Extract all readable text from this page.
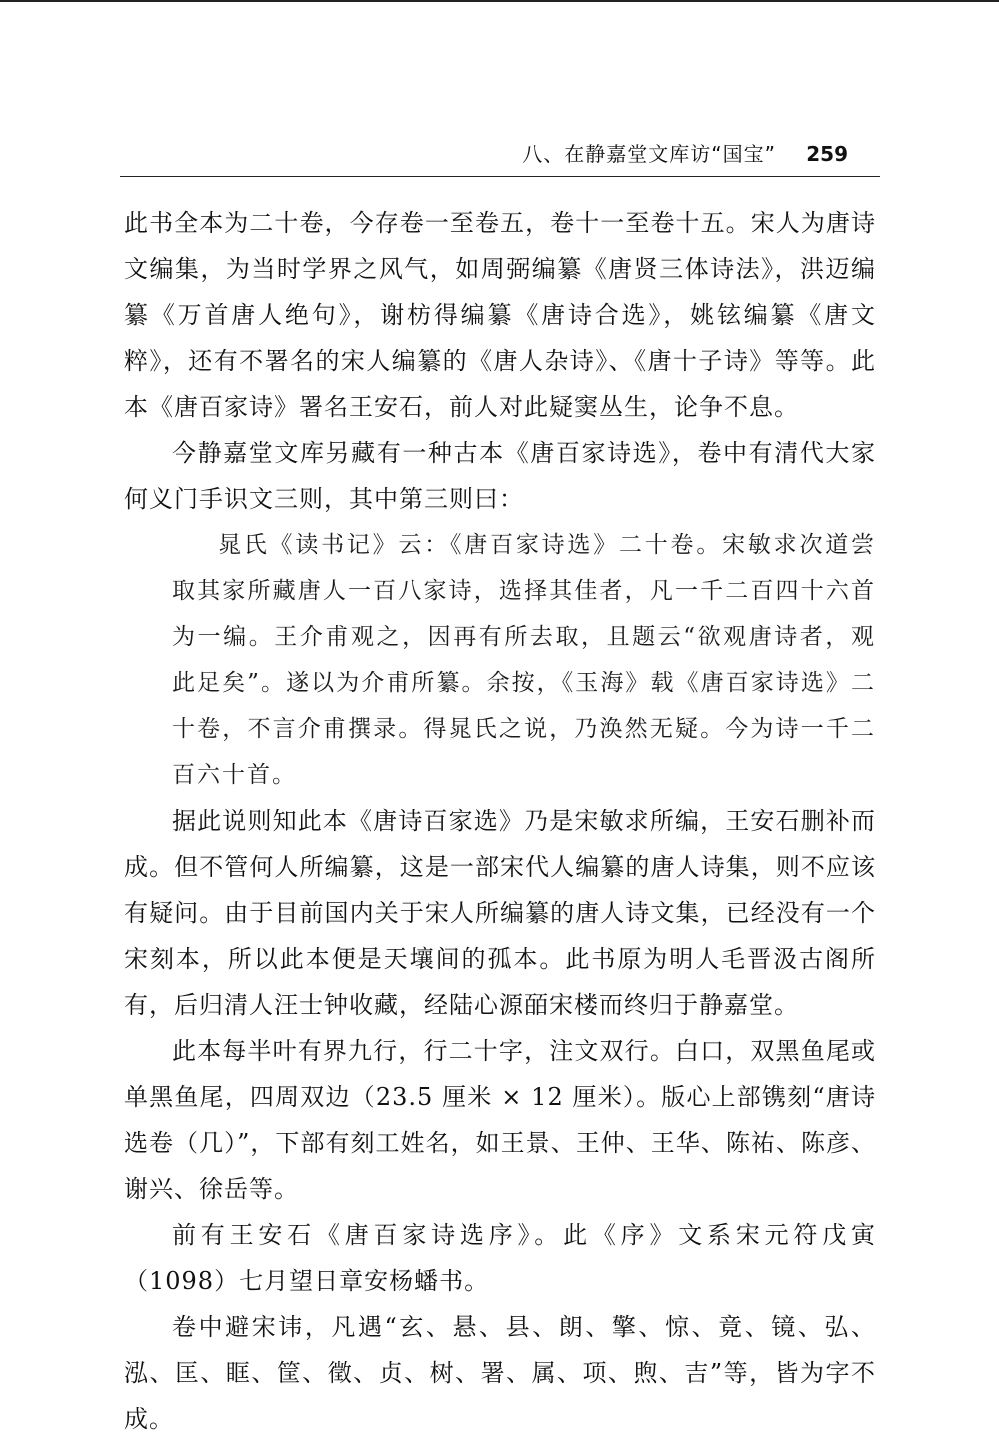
八、在静嘉堂文库访“国宝” 259

此书全本为二十卷，今存卷一至卷五，卷十一至卷十五。宋人为唐诗文编集，为当时学界之风气，如周弼编纂《唐贤三体诗法》，洪迈编纂《万首唐人绝句》，谢枋得编纂《唐诗合选》，姚铉编纂《唐文粹》，还有不署名的宋人编纂的《唐人杂诗》、《唐十子诗》等等。此本《唐百家诗》署名王安石，前人对此疑窦丛生，论争不息。

今静嘉堂文库另藏有一种古本《唐百家诗选》，卷中有清代大家何义门手识文三则，其中第三则曰：

晁氏《读书记》云：《唐百家诗选》二十卷。宋敏求次道尝取其家所藏唐人一百八家诗，选择其佳者，凡一千二百四十六首为一编。王介甫观之，因再有所去取，且题云“欲观唐诗者，观此足矣”。遂以为介甫所纂。余按，《玉海》载《唐百家诗选》二十卷，不言介甫撰录。得晁氏之说，乃涣然无疑。今为诗一千二百六十首。

据此说则知此本《唐诗百家选》乃是宋敏求所编，王安石删补而成。但不管何人所编纂，这是一部宋代人编纂的唐人诗集，则不应该有疑问。由于目前国内关于宋人所编纂的唐人诗文集，已经没有一个宋刻本，所以此本便是天壤间的孤本。此书原为明人毛晋汲古阁所有，后归清人汪士钟收藏，经陆心源皕宋楼而终归于静嘉堂。

此本每半叶有界九行，行二十字，注文双行。白口，双黑鱼尾或单黑鱼尾，四周双边（23.5 厘米 × 12 厘米）。版心上部镌刻“唐诗选卷（几）”，下部有刻工姓名，如王景、王仲、王华、陈祐、陈彦、谢兴、徐岳等。

前有王安石《唐百家诗选序》。此《序》文系宋元符戊寅（1098）七月望日章安杨蟠书。

卷中避宋讳，凡遇“玄、悬、县、朗、擎、惊、竟、镜、弘、泓、匡、眶、筐、徵、贞、树、署、属、项、煦、吉”等，皆为字不成。
